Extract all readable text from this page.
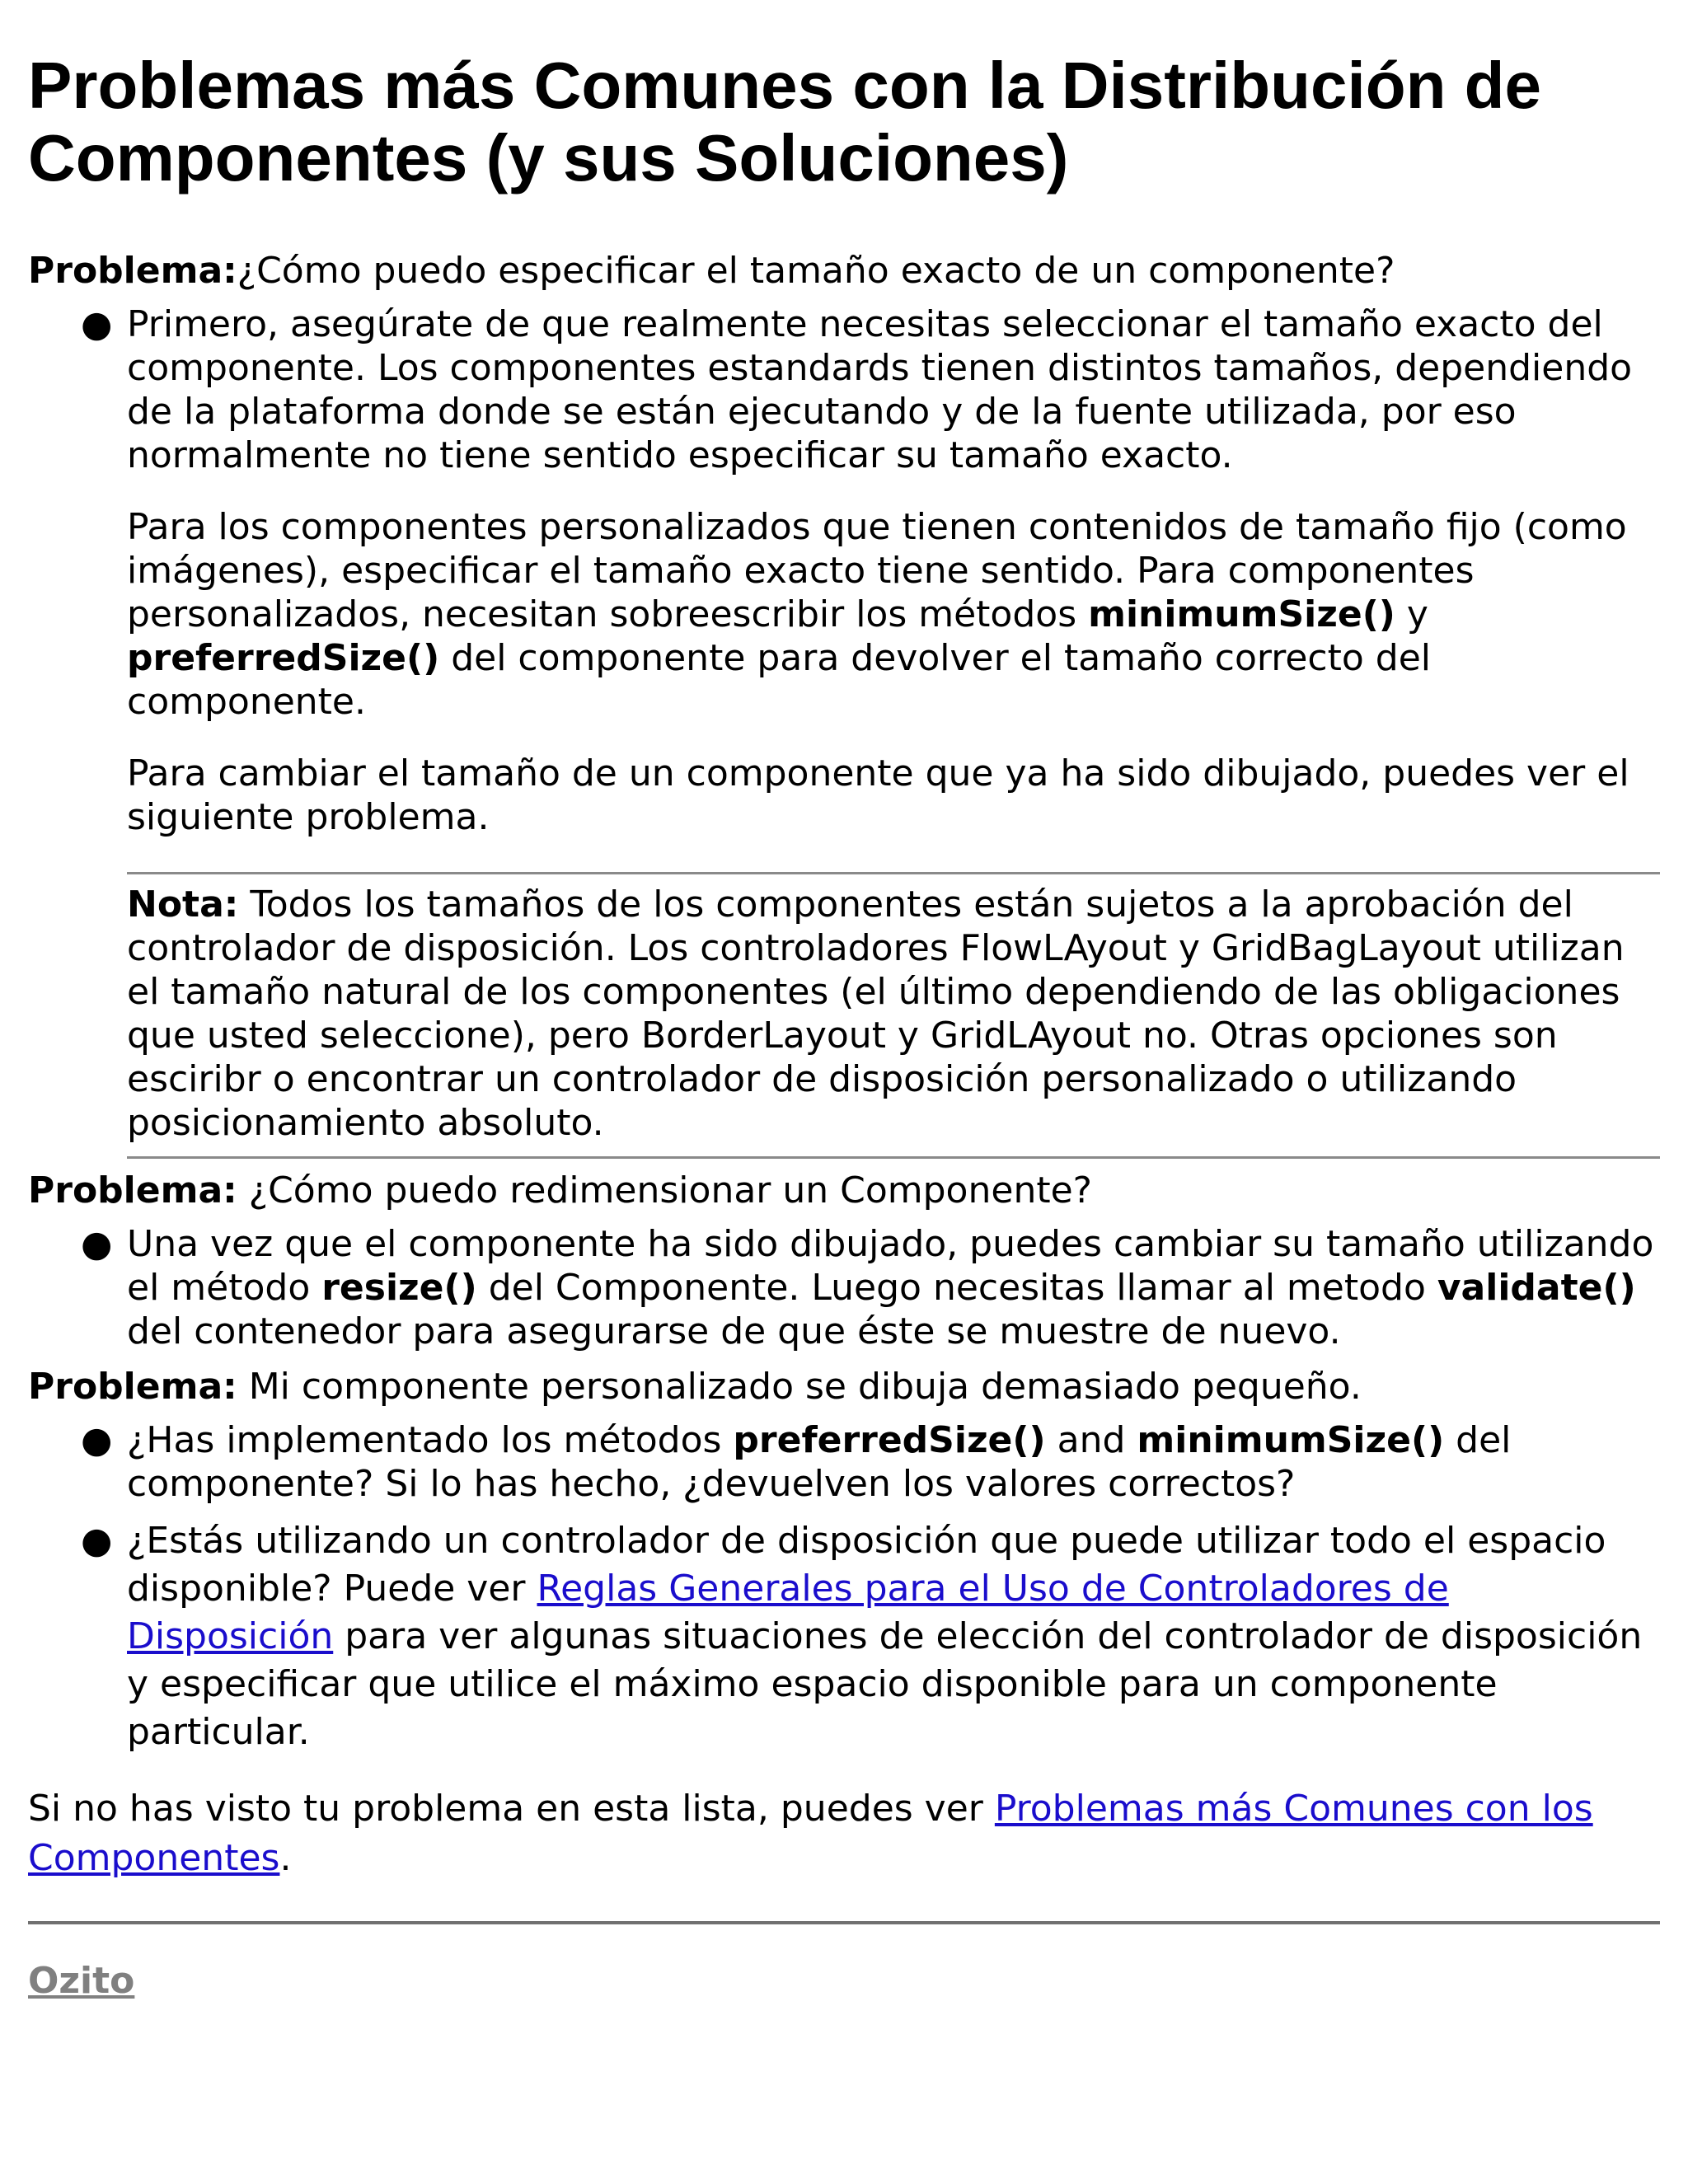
Problemas más Comunes con la Distribución de Componentes (y sus Soluciones)

Problema:¿Cómo puedo especificar el tamaño exacto de un componente?

● Primero, asegúrate de que realmente necesitas seleccionar el tamaño exacto del componente. Los componentes estandards tienen distintos tamaños, dependiendo de la plataforma donde se están ejecutando y de la fuente utilizada, por eso normalmente no tiene sentido especificar su tamaño exacto.

Para los componentes personalizados que tienen contenidos de tamaño fijo (como imágenes), especificar el tamaño exacto tiene sentido. Para componentes personalizados, necesitan sobreescribir los métodos minimumSize() y preferredSize() del componente para devolver el tamaño correcto del componente.

Para cambiar el tamaño de un componente que ya ha sido dibujado, puedes ver el siguiente problema.

Nota: Todos los tamaños de los componentes están sujetos a la aprobación del controlador de disposición. Los controladores FlowLAyout y GridBagLayout utilizan el tamaño natural de los componentes (el último dependiendo de las obligaciones que usted seleccione), pero BorderLayout y GridLAyout no. Otras opciones son esciribr o encontrar un controlador de disposición personalizado o utilizando posicionamiento absoluto.

Problema: ¿Cómo puedo redimensionar un Componente?

● Una vez que el componente ha sido dibujado, puedes cambiar su tamaño utilizando el método resize() del Componente. Luego necesitas llamar al metodo validate() del contenedor para asegurarse de que éste se muestre de nuevo.

Problema: Mi componente personalizado se dibuja demasiado pequeño.

● ¿Has implementado los métodos preferredSize() and minimumSize() del componente? Si lo has hecho, ¿devuelven los valores correctos?

● ¿Estás utilizando un controlador de disposición que puede utilizar todo el espacio disponible? Puede ver Reglas Generales para el Uso de Controladores de Disposición para ver algunas situaciones de elección del controlador de disposición y especificar que utilice el máximo espacio disponible para un componente particular.

Si no has visto tu problema en esta lista, puedes ver Problemas más Comunes con los Componentes.

Ozito
